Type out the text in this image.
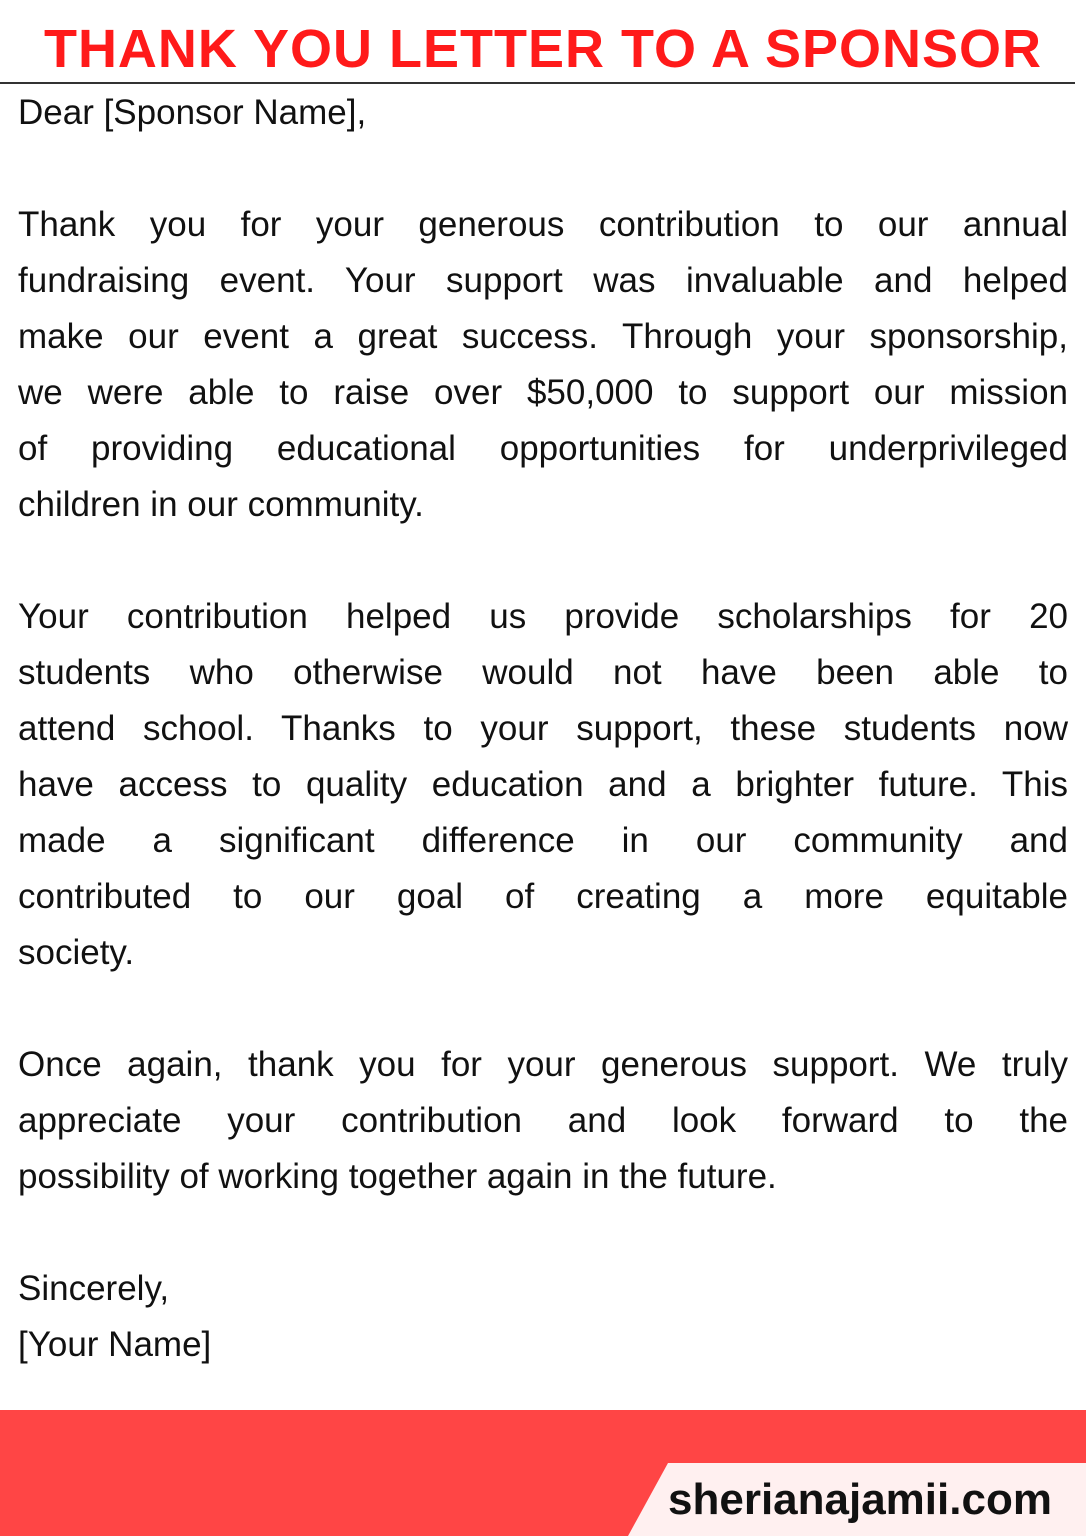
THANK YOU LETTER TO A SPONSOR
Dear [Sponsor Name],
Thank you for your generous contribution to our annual
fundraising event. Your support was invaluable and helped
make our event a great success. Through your sponsorship,
we were able to raise over $50,000 to support our mission
of providing educational opportunities for underprivileged
children in our community.
Your contribution helped us provide scholarships for 20
students who otherwise would not have been able to
attend school. Thanks to your support, these students now
have access to quality education and a brighter future. This
made a significant difference in our community and
contributed to our goal of creating a more equitable
society.
Once again, thank you for your generous support. We truly
appreciate your contribution and look forward to the
possibility of working together again in the future.
Sincerely,
[Your Name]
sherianajamii.com
